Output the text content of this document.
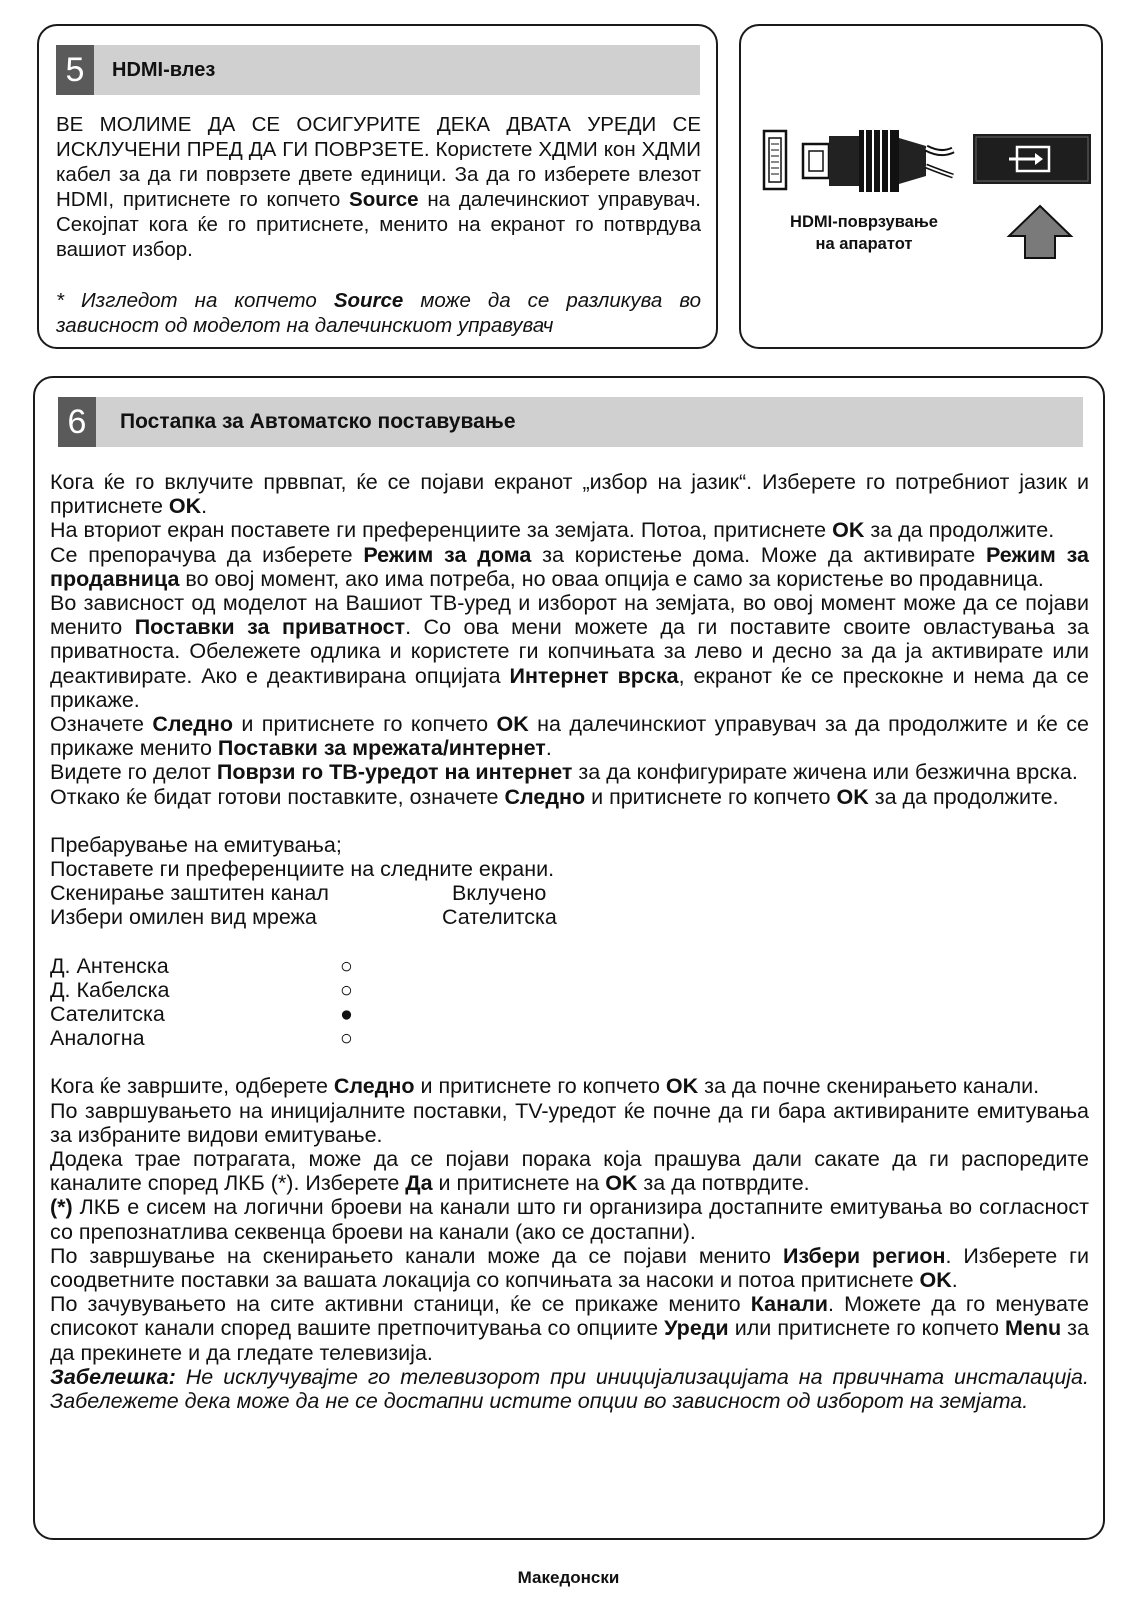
5	HDMI-влез

ВЕ МОЛИМЕ ДА СЕ ОСИГУРИТЕ ДЕКА ДВАТА УРЕДИ СЕ ИСКЛУЧЕНИ ПРЕД ДА ГИ ПОВРЗЕТЕ. Користете ХДМИ кон ХДМИ кабел за да ги поврзете двете единици. За да го изберете влезот HDMI, притиснете го копчето Source на далечинскиот управувач. Секојпат кога ќе го притиснете, менито на екранот го потврдува вашиот избор.

* Изгледот на копчето Source може да се разликува во зависност од моделот на далечинскиот управувач

HDMI-поврзување
на апаратот
6	Постапка за Автоматско поставување

Кога ќе го вклучите прввпат, ќе се појави екранот „избор на јазик“. Изберете го потребниот јазик и притиснете OK.

На вториот екран поставете ги преференциите за земјата. Потоа, притиснете OK за да продолжите.

Се препорачува да изберете Режим за дома за користење дома. Може да активирате Режим за продавница во овој момент, ако има потреба, но оваа опција е само за користење во продавница.

Во зависност од моделот на Вашиот ТВ-уред и изборот на земјата, во овој момент може да се појави менито Поставки за приватност. Со ова мени можете да ги поставите своите овластувања за приватноста. Обележете одлика и користете ги копчињата за лево и десно за да ја активирате или деактивирате. Ако е деактивирана опцијата Интернет врска, екранот ќе се прескокне и нема да се прикаже.

Означете Следно и притиснете го копчето OK на далечинскиот управувач за да продолжите и ќе се прикаже менито Поставки за мрежата/интернет.

Видете го делот Поврзи го ТВ-уредот на интернет за да конфигурирате жичена или безжична врска.

Откако ќе бидат готови поставките, означете Следно и притиснете го копчето OK за да продолжите.

Пребарување на емитувања;
Поставете ги преференциите на следните екрани.
Скенирање заштитен канал	Вклучено
Избери омилен вид мрежа	Сателитска
Д. Антенска	○
Д. Кабелска	○
Сателитска	●
Аналогна	○

Кога ќе завршите, одберете Следно и притиснете го копчето OK за да почне скенирањето канали.

По завршувањето на иницијалните поставки, TV-уредот ќе почне да ги бара активираните емитувања за избраните видови емитување.

Додека трае потрагата, може да се појави порака која прашува дали сакате да ги распоредите каналите според ЛКБ (*). Изберете Да и притиснете на OK за да потврдите.

(*) ЛКБ е сисем на логични броеви на канали што ги организира достапните емитувања во согласност со препознатлива секвенца броеви на канали (ако се достапни).

По завршување на скенирањето канали може да се појави менито Избери регион. Изберете ги соодветните поставки за вашата локација со копчињата за насоки и потоа притиснете OK.

По зачувувањето на сите активни станици, ќе се прикаже менито Канали. Можете да го менувате списокот канали според вашите претпочитувања со опциите Уреди или притиснете го копчето Menu за да прекинете и да гледате телевизија.

Забелешка: Не исклучувајте го телевизорот при иницијализацијата на првичната инсталација. Забележете дека може да не се достапни истите опции во зависност од изборот на земјата.

Македонски
